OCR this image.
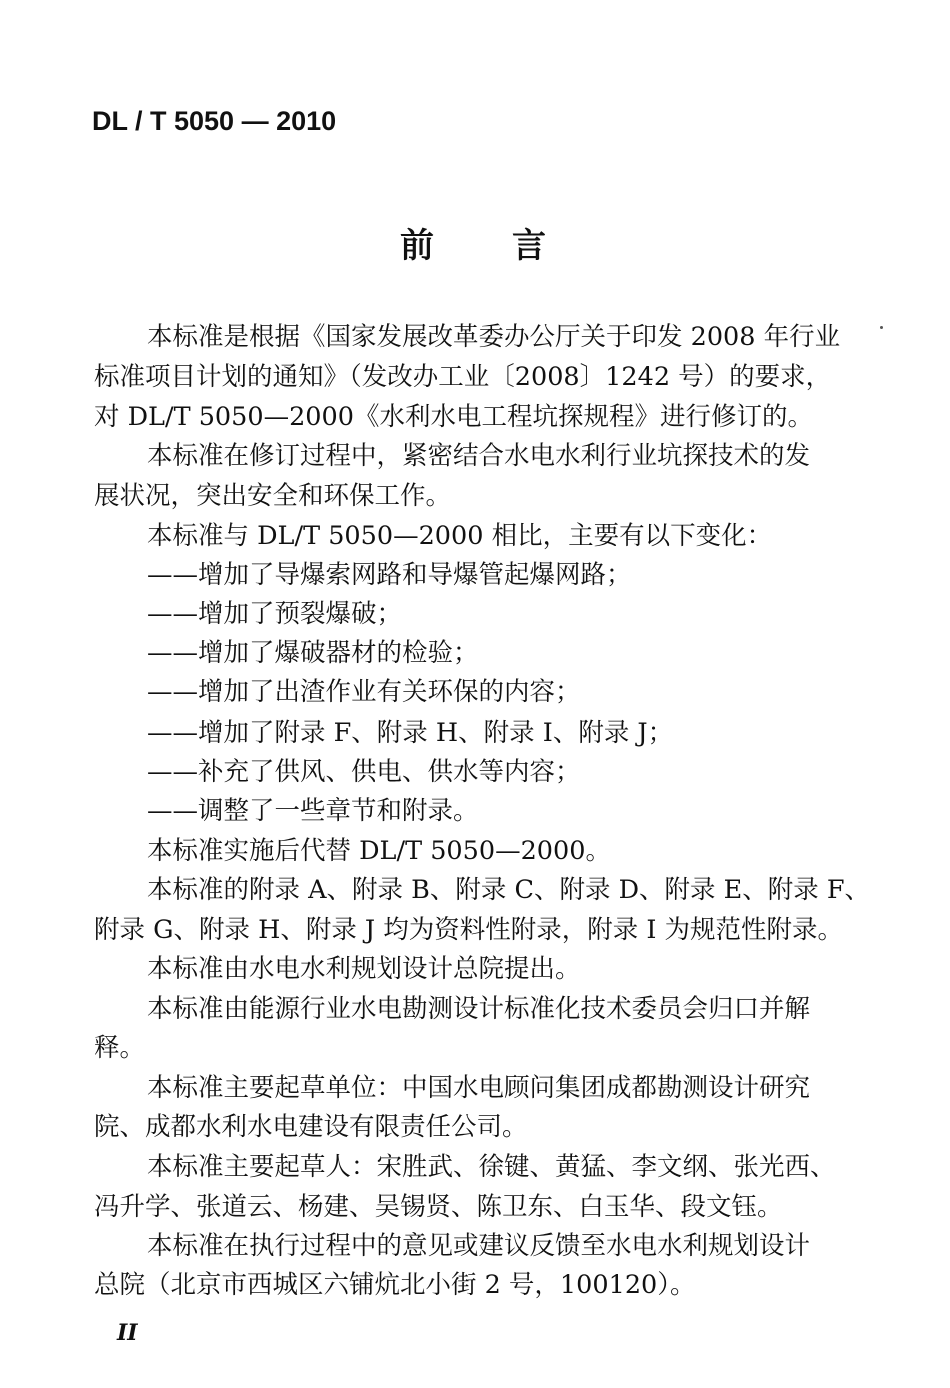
DL / T 5050 — 2010
前言
本标准是根据《国家发展改革委办公厅关于印发 2008 年行业
标准项目计划的通知》（发改办工业〔2008〕1242 号）的要求，
对 DL/T 5050—2000《水利水电工程坑探规程》进行修订的。
本标准在修订过程中，紧密结合水电水利行业坑探技术的发
展状况，突出安全和环保工作。
本标准与 DL/T 5050—2000 相比，主要有以下变化：
——增加了导爆索网路和导爆管起爆网路；
——增加了预裂爆破；
——增加了爆破器材的检验；
——增加了出渣作业有关环保的内容；
——增加了附录 F、附录 H、附录 I、附录 J；
——补充了供风、供电、供水等内容；
——调整了一些章节和附录。
本标准实施后代替 DL/T 5050—2000。
本标准的附录 A、附录 B、附录 C、附录 D、附录 E、附录 F、
附录 G、附录 H、附录 J 均为资料性附录，附录 I 为规范性附录。
本标准由水电水利规划设计总院提出。
本标准由能源行业水电勘测设计标准化技术委员会归口并解
释。
本标准主要起草单位：中国水电顾问集团成都勘测设计研究
院、成都水利水电建设有限责任公司。
本标准主要起草人：宋胜武、徐键、黄猛、李文纲、张光西、
冯升学、张道云、杨建、吴锡贤、陈卫东、白玉华、段文钰。
本标准在执行过程中的意见或建议反馈至水电水利规划设计
总院（北京市西城区六铺炕北小街 2 号，100120）。
II
